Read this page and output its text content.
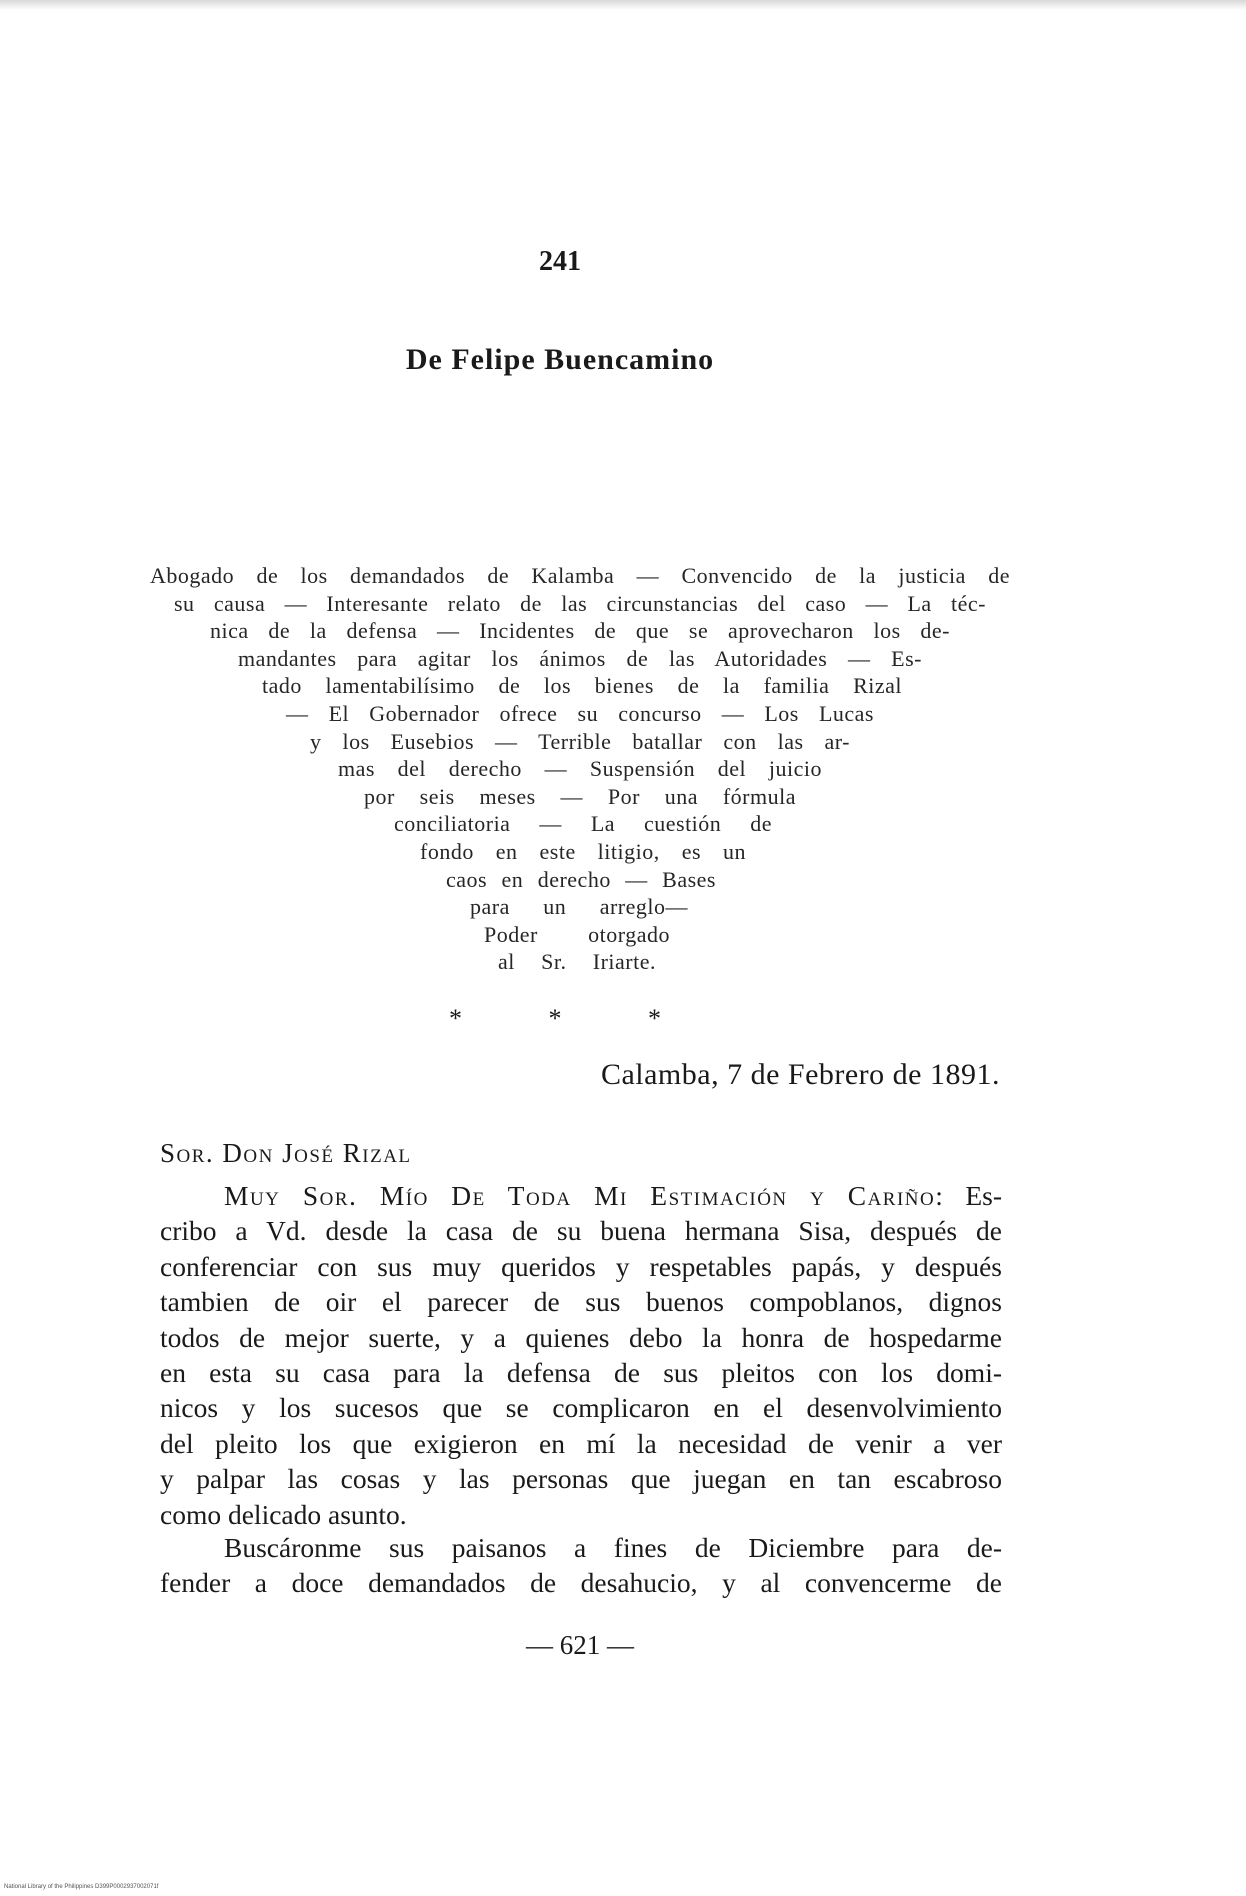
241
De Felipe Buencamino
Abogado de los demandados de Kalamba — Convencido de la justicia de
su causa — Interesante relato de las circunstancias del caso — La téc-
nica de la defensa — Incidentes de que se aprovecharon los de-
mandantes para agitar los ánimos de las Autoridades — Es-
tado lamentabilísimo de los bienes de la familia Rizal
— El Gobernador ofrece su concurso — Los Lucas
y los Eusebios — Terrible batallar con las ar-
mas del derecho — Suspensión del juicio
por seis meses — Por una fórmula
conciliatoria — La cuestión de
fondo en este litigio, es un
caos en derecho — Bases
para un arreglo—
Poder otorgado
al Sr. Iriarte.
* * *
Calamba, 7 de Febrero de 1891.
Sor. Don José Rizal
Muy Sor. Mío De Toda Mi Estimación y Cariño: Es-
cribo a Vd. desde la casa de su buena hermana Sisa, después de
conferenciar con sus muy queridos y respetables papás, y después
tambien de oir el parecer de sus buenos compoblanos, dignos
todos de mejor suerte, y a quienes debo la honra de hospedarme
en esta su casa para la defensa de sus pleitos con los domi-
nicos y los sucesos que se complicaron en el desenvolvimiento
del pleito los que exigieron en mí la necesidad de venir a ver
y palpar las cosas y las personas que juegan en tan escabroso
como delicado asunto.
Buscáronme sus paisanos a fines de Diciembre para de-
fender a doce demandados de desahucio, y al convencerme de
— 621 —
National Library of the Philippines D399P0002937002071f
